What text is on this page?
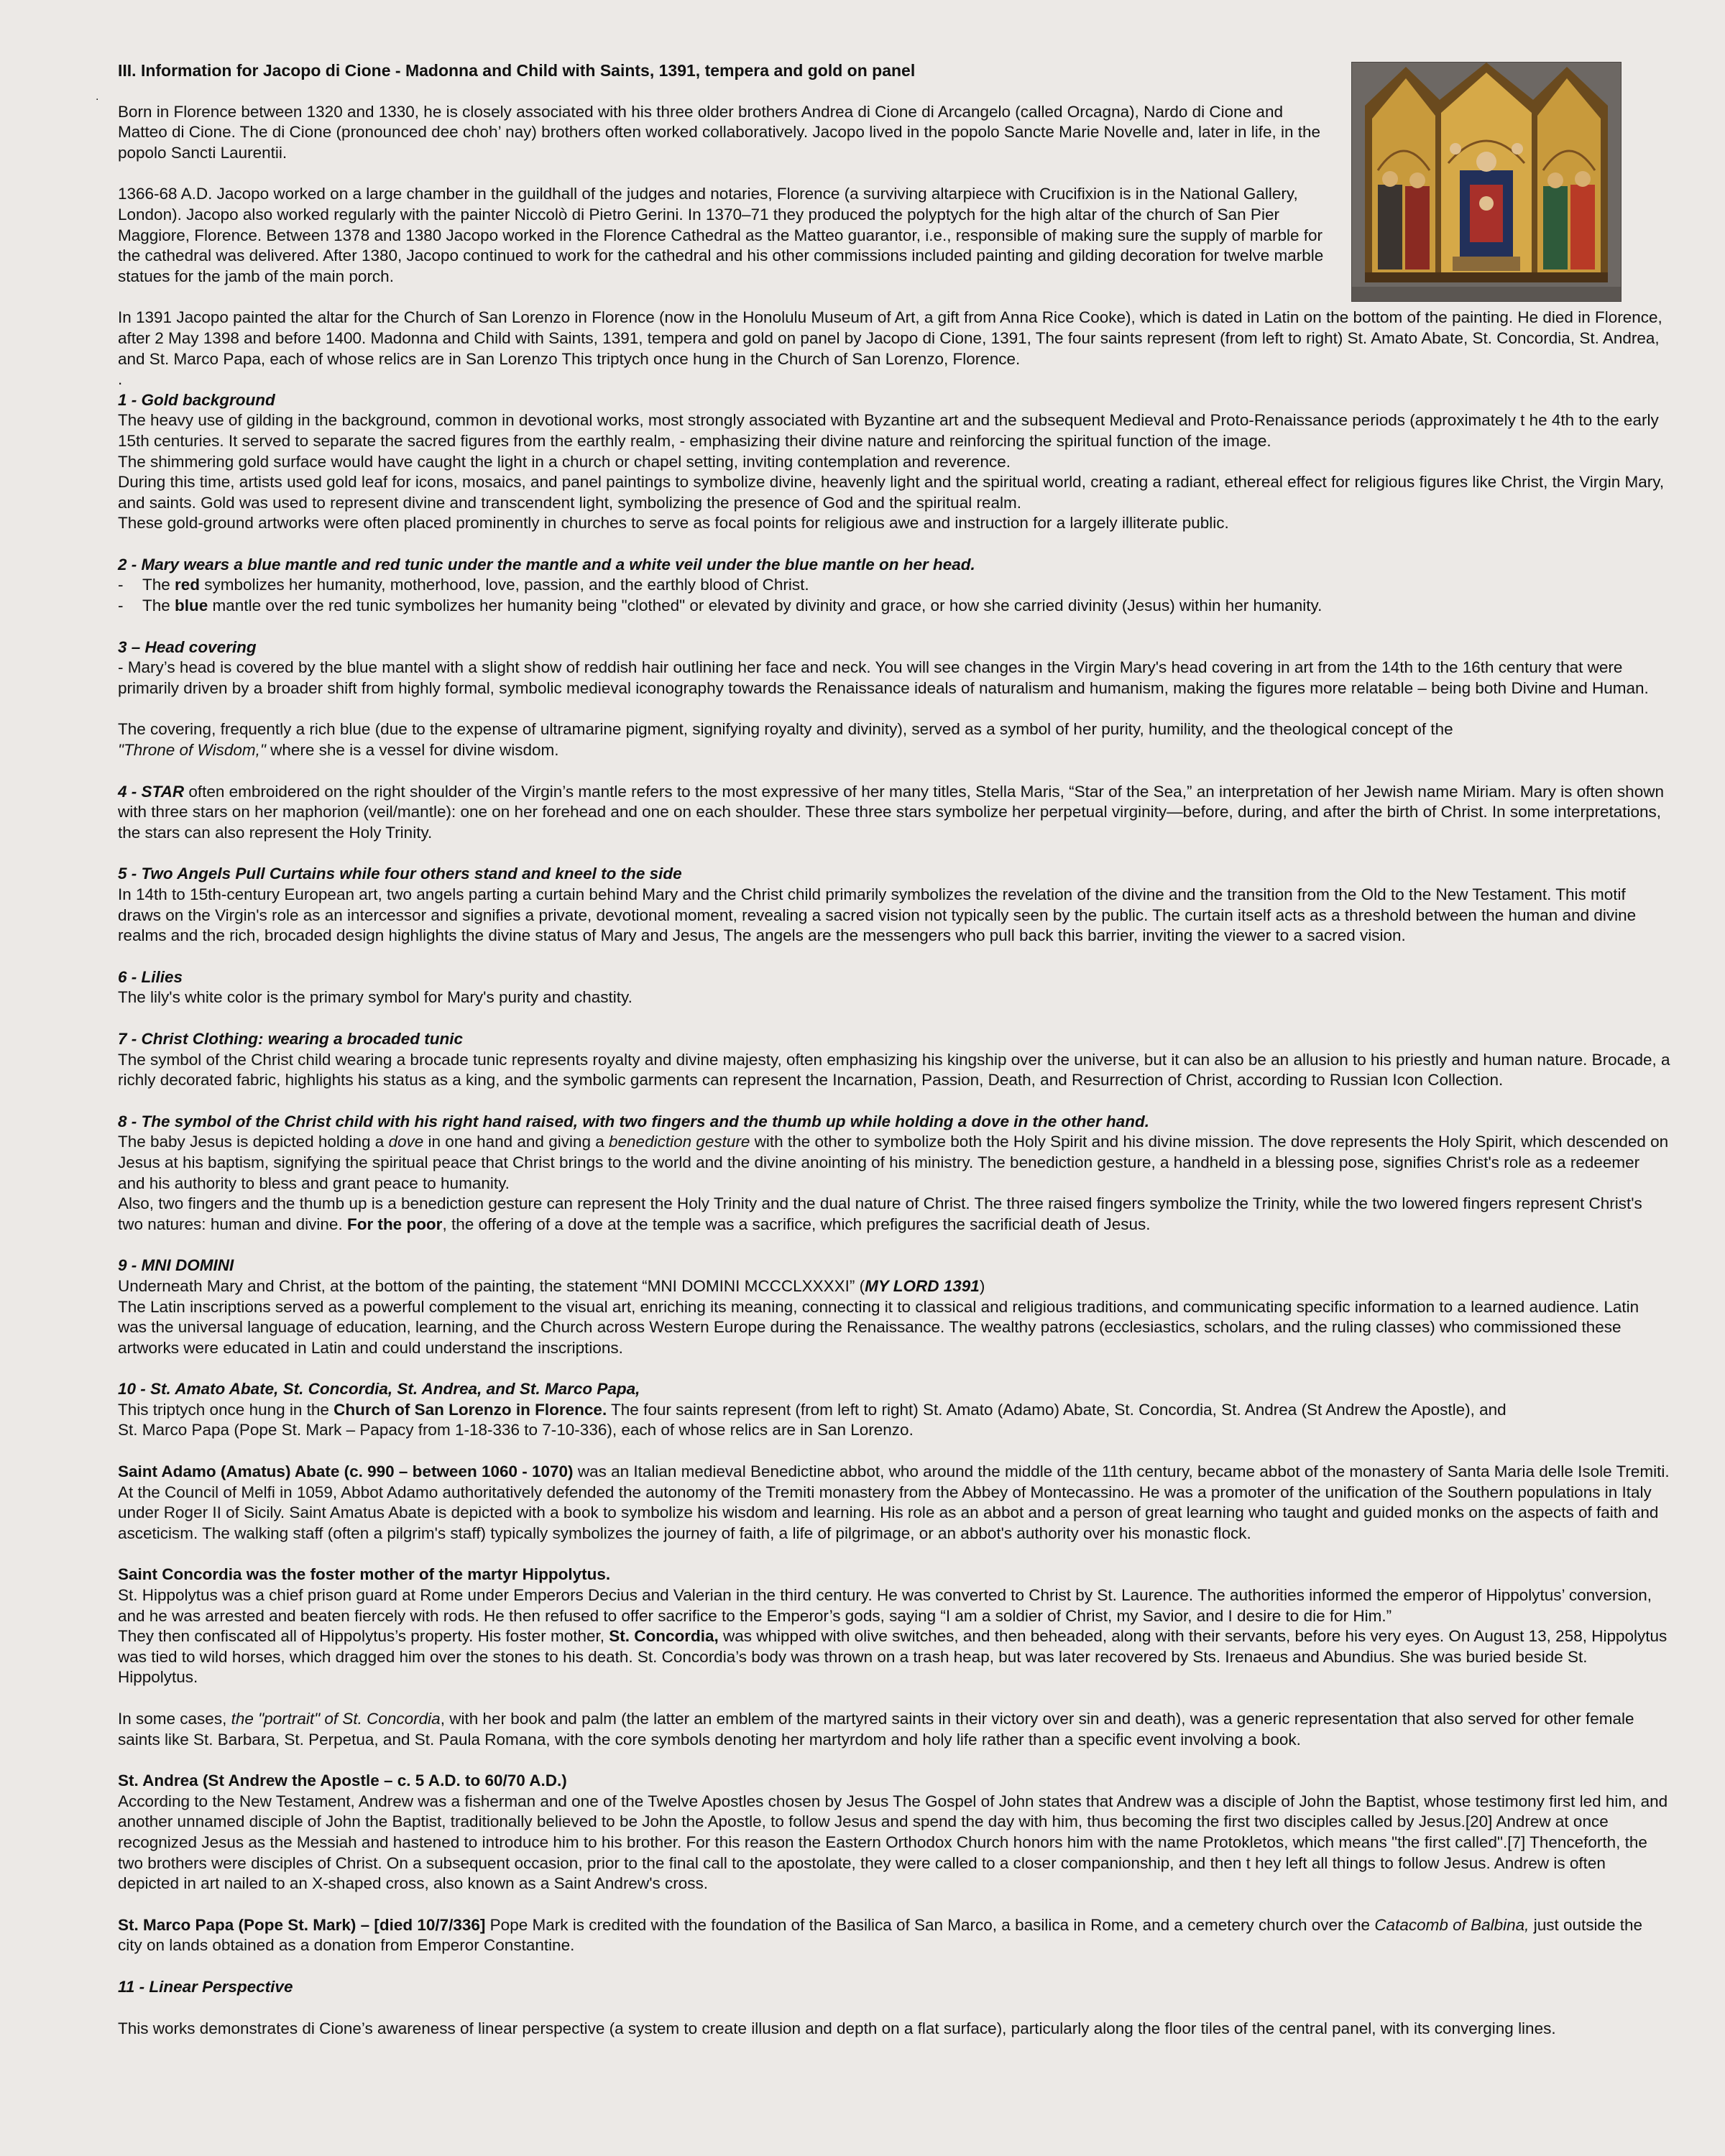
.

III. Information for Jacopo di Cione - Madonna and Child with Saints, 1391, tempera and gold on panel

Born in Florence between 1320 and 1330, he is closely associated with his three older brothers Andrea di Cione di Arcangelo (called Orcagna), Nardo di Cione and Matteo di Cione. The di Cione (pronounced dee choh’ nay) brothers often worked collaboratively. Jacopo lived in the popolo Sancte Marie Novelle and, later in life, in the popolo Sancti Laurentii.

1366-68 A.D. Jacopo worked on a large chamber in the guildhall of the judges and notaries, Florence (a surviving altarpiece with Crucifixion is in the National Gallery, London). Jacopo also worked regularly with the painter Niccolò di Pietro Gerini. In 1370–71 they produced the polyptych for the high altar of the church of San Pier Maggiore, Florence. Between 1378 and 1380 Jacopo worked in the Florence Cathedral as the Matteo guarantor, i.e., responsible of making sure the supply of marble for the cathedral was delivered. After 1380, Jacopo continued to work for the cathedral and his other commissions included painting and gilding decoration for twelve marble statues for the jamb of the main porch.

In 1391 Jacopo painted the altar for the Church of San Lorenzo in Florence (now in the Honolulu Museum of Art, a gift from Anna Rice Cooke), which is dated in Latin on the bottom of the painting. He died in Florence, after 2 May 1398 and before 1400. Madonna and Child with Saints, 1391, tempera and gold on panel by Jacopo di Cione, 1391, The four saints represent (from left to right) St. Amato Abate, St. Concordia, St. Andrea, and St. Marco Papa, each of whose relics are in San Lorenzo This triptych once hung in the Church of San Lorenzo, Florence.

.

1 - Gold background

The heavy use of gilding in the background, common in devotional works, most strongly associated with Byzantine art and the subsequent Medieval and Proto-Renaissance periods (approximately t he 4th to the early 15th centuries. It served to separate the sacred figures from the earthly realm, - emphasizing their divine nature and reinforcing the spiritual function of the image.

The shimmering gold surface would have caught the light in a church or chapel setting, inviting contemplation and reverence.

During this time, artists used gold leaf for icons, mosaics, and panel paintings to symbolize divine, heavenly light and the spiritual world, creating a radiant, ethereal effect for religious figures like Christ, the Virgin Mary, and saints. Gold was used to represent divine and transcendent light, symbolizing the presence of God and the spiritual realm.

These gold-ground artworks were often placed prominently in churches to serve as focal points for religious awe and instruction for a largely illiterate public.

2 - Mary wears a blue mantle and red tunic under the mantle and a white veil under the blue mantle on her head.

- The red symbolizes her humanity, motherhood, love, passion, and the earthly blood of Christ.

- The blue mantle over the red tunic symbolizes her humanity being "clothed" or elevated by divinity and grace, or how she carried divinity (Jesus) within her humanity.

3 – Head covering

- Mary’s head is covered by the blue mantel with a slight show of reddish hair outlining her face and neck. You will see changes in the Virgin Mary's head covering in art from the 14th to the 16th century that were primarily driven by a broader shift from highly formal, symbolic medieval iconography towards the Renaissance ideals of naturalism and humanism, making the figures more relatable – being both Divine and Human.

The covering, frequently a rich blue (due to the expense of ultramarine pigment, signifying royalty and divinity), served as a symbol of her purity, humility, and the theological concept of the
"Throne of Wisdom," where she is a vessel for divine wisdom.

4 - STAR often embroidered on the right shoulder of the Virgin’s mantle refers to the most expressive of her many titles, Stella Maris, “Star of the Sea,” an interpretation of her Jewish name Miriam. Mary is often shown with three stars on her maphorion (veil/mantle): one on her forehead and one on each shoulder. These three stars symbolize her perpetual virginity—before, during, and after the birth of Christ. In some interpretations, the stars can also represent the Holy Trinity.

5 - Two Angels Pull Curtains while four others stand and kneel to the side

In 14th to 15th-century European art, two angels parting a curtain behind Mary and the Christ child primarily symbolizes the revelation of the divine and the transition from the Old to the New Testament. This motif draws on the Virgin's role as an intercessor and signifies a private, devotional moment, revealing a sacred vision not typically seen by the public. The curtain itself acts as a threshold between the human and divine realms and the rich, brocaded design highlights the divine status of Mary and Jesus, The angels are the messengers who pull back this barrier, inviting the viewer to a sacred vision.

6 - Lilies

The lily's white color is the primary symbol for Mary's purity and chastity.

7 - Christ Clothing: wearing a brocaded tunic

The symbol of the Christ child wearing a brocade tunic represents royalty and divine majesty, often emphasizing his kingship over the universe, but it can also be an allusion to his priestly and human nature. Brocade, a richly decorated fabric, highlights his status as a king, and the symbolic garments can represent the Incarnation, Passion, Death, and Resurrection of Christ, according to Russian Icon Collection.

8 - The symbol of the Christ child with his right hand raised, with two fingers and the thumb up while holding a dove in the other hand.

The baby Jesus is depicted holding a dove in one hand and giving a benediction gesture with the other to symbolize both the Holy Spirit and his divine mission. The dove represents the Holy Spirit, which descended on Jesus at his baptism, signifying the spiritual peace that Christ brings to the world and the divine anointing of his ministry. The benediction gesture, a handheld in a blessing pose, signifies Christ's role as a redeemer and his authority to bless and grant peace to humanity.

Also, two fingers and the thumb up is a benediction gesture can represent the Holy Trinity and the dual nature of Christ. The three raised fingers symbolize the Trinity, while the two lowered fingers represent Christ's two natures: human and divine. For the poor, the offering of a dove at the temple was a sacrifice, which prefigures the sacrificial death of Jesus.

9 - MNI DOMINI

Underneath Mary and Christ, at the bottom of the painting, the statement “MNI DOMINI MCCCLXXXXI” (MY LORD 1391)

The Latin inscriptions served as a powerful complement to the visual art, enriching its meaning, connecting it to classical and religious traditions, and communicating specific information to a learned audience. Latin was the universal language of education, learning, and the Church across Western Europe during the Renaissance. The wealthy patrons (ecclesiastics, scholars, and the ruling classes) who commissioned these artworks were educated in Latin and could understand the inscriptions.

10 - St. Amato Abate, St. Concordia, St. Andrea, and St. Marco Papa,

This triptych once hung in the Church of San Lorenzo in Florence. The four saints represent (from left to right) St. Amato (Adamo) Abate, St. Concordia, St. Andrea (St Andrew the Apostle), and

St. Marco Papa (Pope St. Mark – Papacy from 1-18-336 to 7-10-336), each of whose relics are in San Lorenzo.

Saint Adamo (Amatus) Abate (c. 990 – between 1060 - 1070) was an Italian medieval Benedictine abbot, who around the middle of the 11th century, became abbot of the monastery of Santa Maria delle Isole Tremiti. At the Council of Melfi in 1059, Abbot Adamo authoritatively defended the autonomy of the Tremiti monastery from the Abbey of Montecassino. He was a promoter of the unification of the Southern populations in Italy under Roger II of Sicily. Saint Amatus Abate is depicted with a book to symbolize his wisdom and learning. His role as an abbot and a person of great learning who taught and guided monks on the aspects of faith and asceticism. The walking staff (often a pilgrim's staff) typically symbolizes the journey of faith, a life of pilgrimage, or an abbot's authority over his monastic flock.

Saint Concordia was the foster mother of the martyr Hippolytus.

St. Hippolytus was a chief prison guard at Rome under Emperors Decius and Valerian in the third century. He was converted to Christ by St. Laurence. The authorities informed the emperor of Hippolytus’ conversion, and he was arrested and beaten fiercely with rods. He then refused to offer sacrifice to the Emperor’s gods, saying “I am a soldier of Christ, my Savior, and I desire to die for Him.”

They then confiscated all of Hippolytus’s property. His foster mother, St. Concordia, was whipped with olive switches, and then beheaded, along with their servants, before his very eyes. On August 13, 258, Hippolytus was tied to wild horses, which dragged him over the stones to his death. St. Concordia’s body was thrown on a trash heap, but was later recovered by Sts. Irenaeus and Abundius. She was buried beside St. Hippolytus.

In some cases, the "portrait" of St. Concordia, with her book and palm (the latter an emblem of the martyred saints in their victory over sin and death), was a generic representation that also served for other female saints like St. Barbara, St. Perpetua, and St. Paula Romana, with the core symbols denoting her martyrdom and holy life rather than a specific event involving a book.

St. Andrea (St Andrew the Apostle – c. 5 A.D. to 60/70 A.D.)

According to the New Testament, Andrew was a fisherman and one of the Twelve Apostles chosen by Jesus The Gospel of John states that Andrew was a disciple of John the Baptist, whose testimony first led him, and another unnamed disciple of John the Baptist, traditionally believed to be John the Apostle, to follow Jesus and spend the day with him, thus becoming the first two disciples called by Jesus.[20] Andrew at once recognized Jesus as the Messiah and hastened to introduce him to his brother. For this reason the Eastern Orthodox Church honors him with the name Protokletos, which means "the first called".[7] Thenceforth, the two brothers were disciples of Christ. On a subsequent occasion, prior to the final call to the apostolate, they were called to a closer companionship, and then t hey left all things to follow Jesus. Andrew is often depicted in art nailed to an X-shaped cross, also known as a Saint Andrew's cross.

St. Marco Papa (Pope St. Mark) – [died 10/7/336] Pope Mark is credited with the foundation of the Basilica of San Marco, a basilica in Rome, and a cemetery church over the Catacomb of Balbina, just outside the city on lands obtained as a donation from Emperor Constantine.

11 - Linear Perspective

This works demonstrates di Cione’s awareness of linear perspective (a system to create illusion and depth on a flat surface), particularly along the floor tiles of the central panel, with its converging lines.
